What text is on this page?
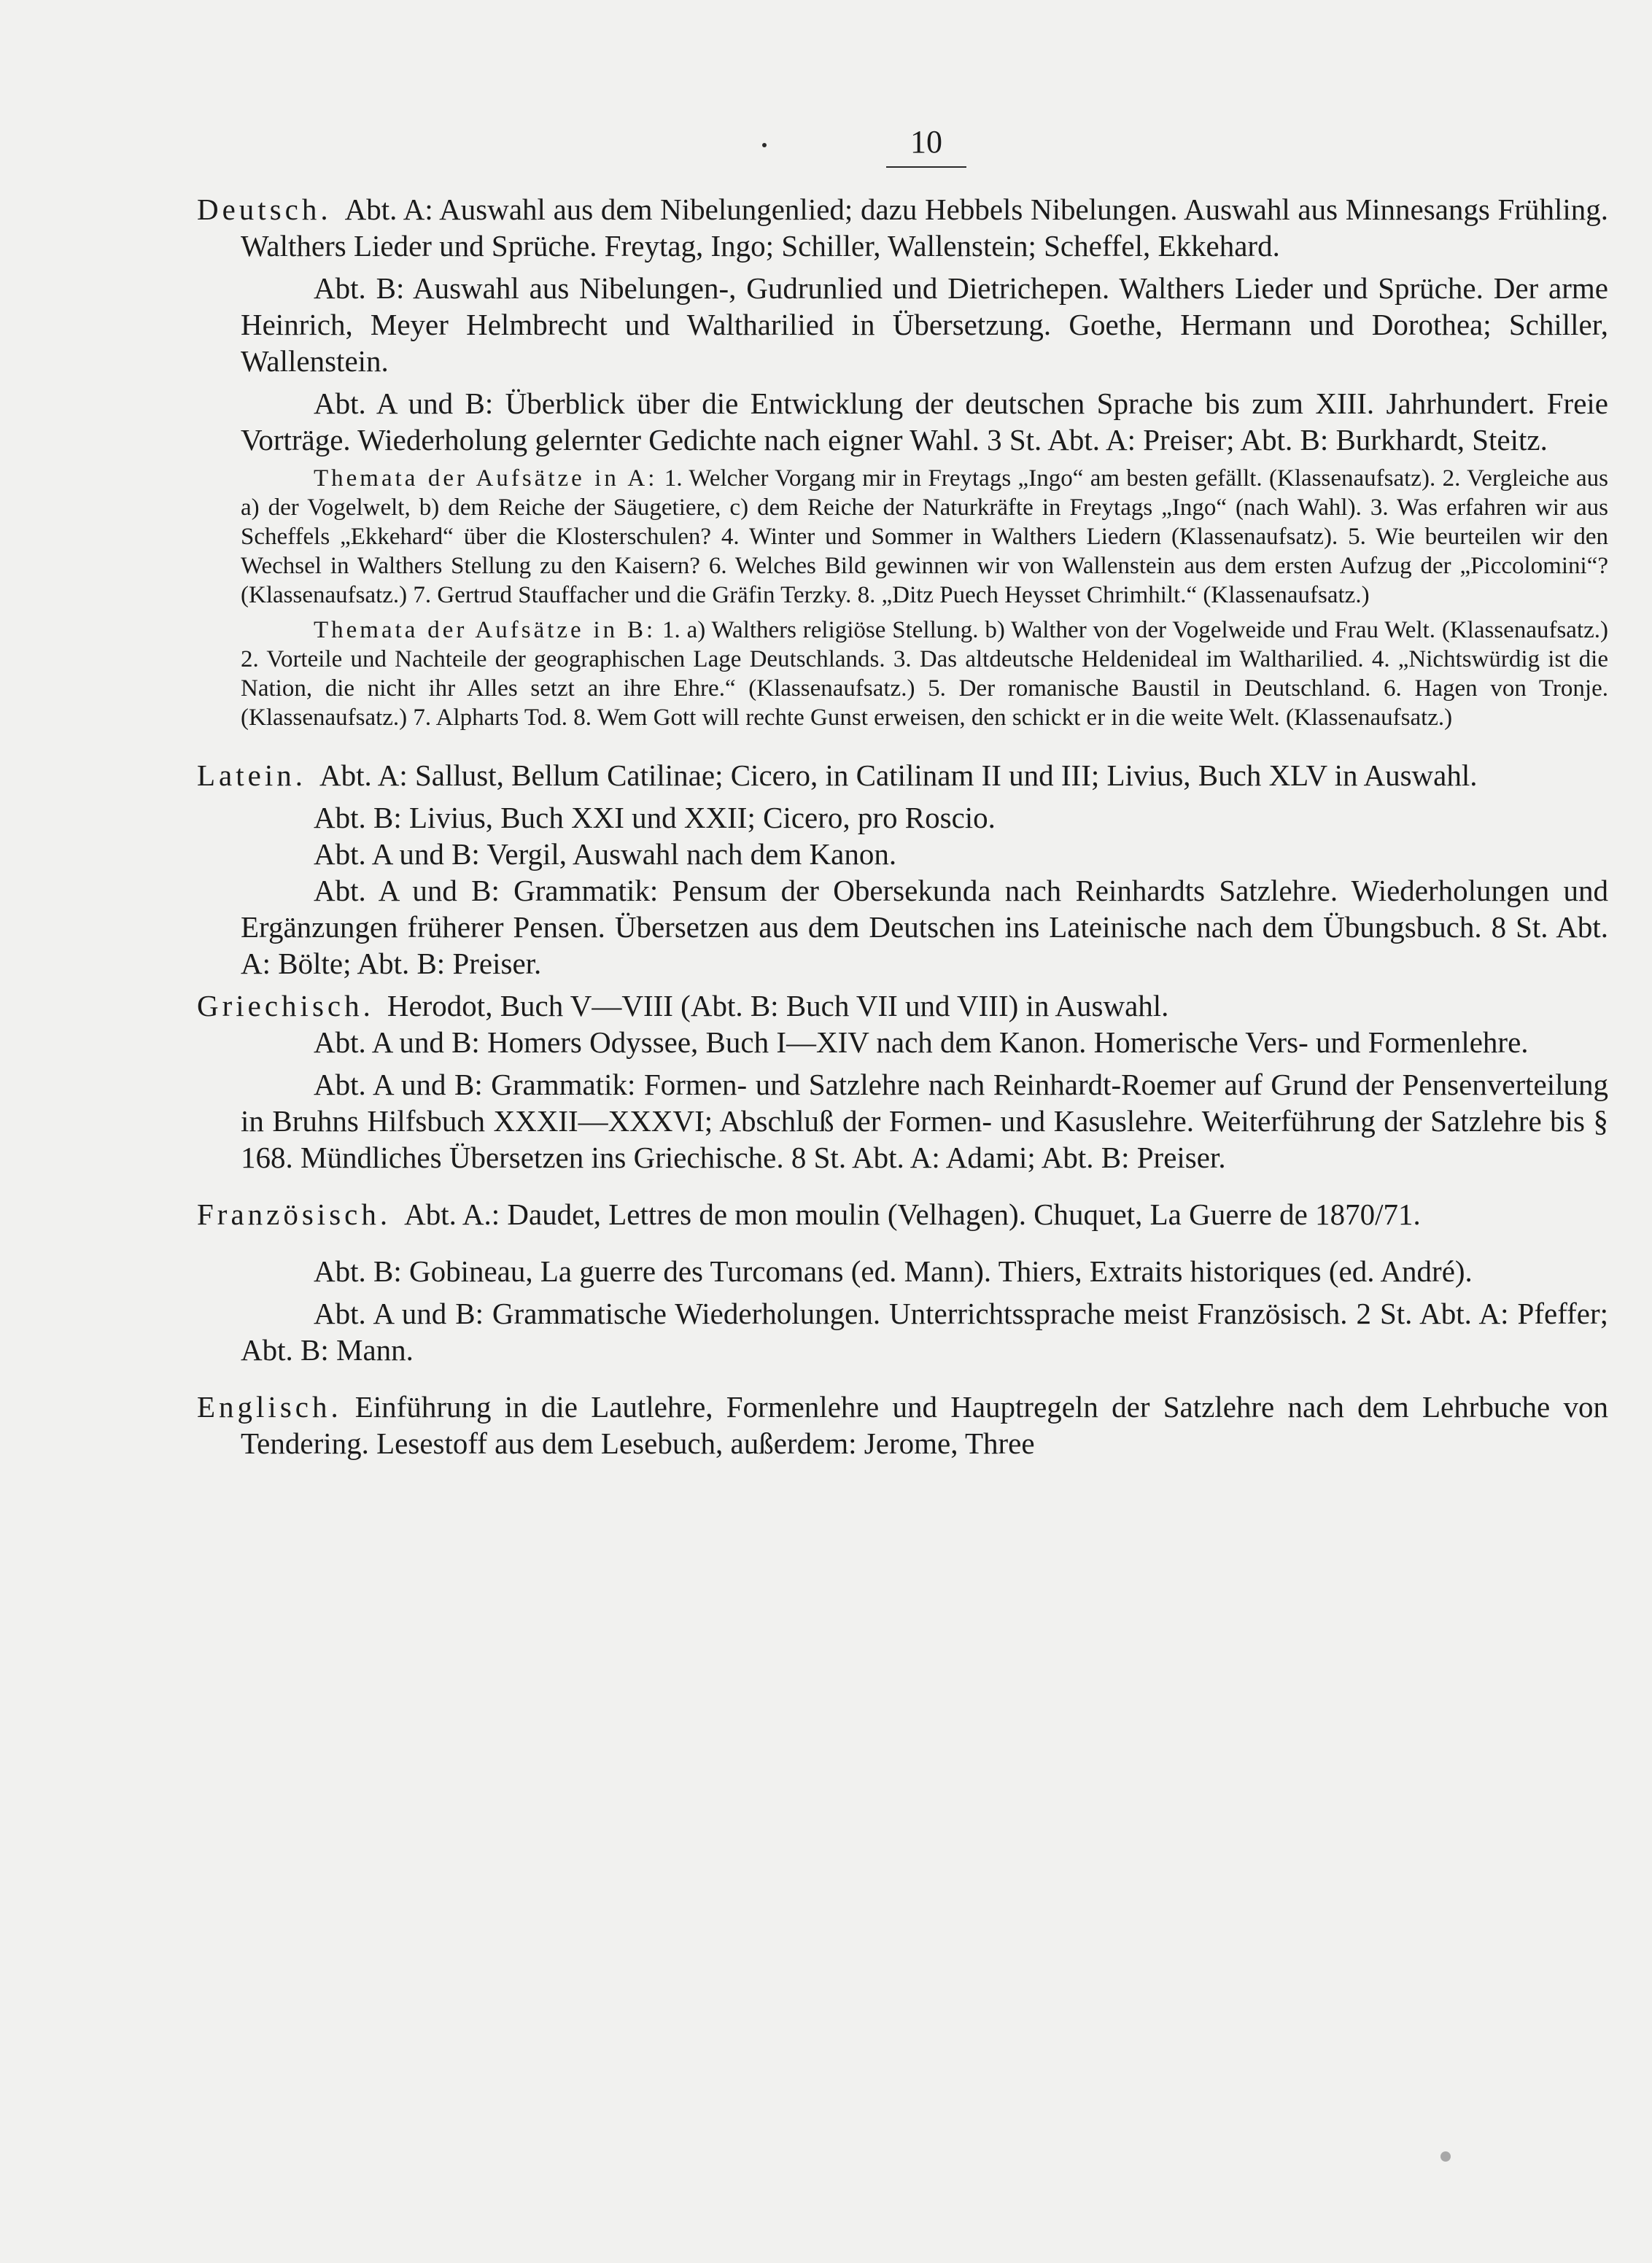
10

Deutsch. Abt. A: Auswahl aus dem Nibelungenlied; dazu Hebbels Nibelungen. Auswahl aus Minnesangs Frühling. Walthers Lieder und Sprüche. Freytag, Ingo; Schiller, Wallenstein; Scheffel, Ekkehard.

Abt. B: Auswahl aus Nibelungen-, Gudrunlied und Dietrichepen. Walthers Lieder und Sprüche. Der arme Heinrich, Meyer Helmbrecht und Waltharilied in Übersetzung. Goethe, Hermann und Dorothea; Schiller, Wallenstein.

Abt. A und B: Überblick über die Entwicklung der deutschen Sprache bis zum XIII. Jahrhundert. Freie Vorträge. Wiederholung gelernter Gedichte nach eigner Wahl. 3 St. Abt. A: Preiser; Abt. B: Burkhardt, Steitz.

Themata der Aufsätze in A: 1. Welcher Vorgang mir in Freytags „Ingo“ am besten gefällt. (Klassenaufsatz). 2. Vergleiche aus a) der Vogelwelt, b) dem Reiche der Säugetiere, c) dem Reiche der Naturkräfte in Freytags „Ingo“ (nach Wahl). 3. Was erfahren wir aus Scheffels „Ekkehard“ über die Klosterschulen? 4. Winter und Sommer in Walthers Liedern (Klassenaufsatz). 5. Wie beurteilen wir den Wechsel in Walthers Stellung zu den Kaisern? 6. Welches Bild gewinnen wir von Wallenstein aus dem ersten Aufzug der „Piccolomini“? (Klassenaufsatz.) 7. Gertrud Stauffacher und die Gräfin Terzky. 8. „Ditz Puech Heysset Chrimhilt.“ (Klassenaufsatz.)

Themata der Aufsätze in B: 1. a) Walthers religiöse Stellung. b) Walther von der Vogelweide und Frau Welt. (Klassenaufsatz.) 2. Vorteile und Nachteile der geographischen Lage Deutschlands. 3. Das altdeutsche Heldenideal im Waltharilied. 4. „Nichtswürdig ist die Nation, die nicht ihr Alles setzt an ihre Ehre.“ (Klassenaufsatz.) 5. Der romanische Baustil in Deutschland. 6. Hagen von Tronje. (Klassenaufsatz.) 7. Alpharts Tod. 8. Wem Gott will rechte Gunst erweisen, den schickt er in die weite Welt. (Klassenaufsatz.)

Latein. Abt. A: Sallust, Bellum Catilinae; Cicero, in Catilinam II und III; Livius, Buch XLV in Auswahl.

Abt. B: Livius, Buch XXI und XXII; Cicero, pro Roscio.

Abt. A und B: Vergil, Auswahl nach dem Kanon.

Abt. A und B: Grammatik: Pensum der Obersekunda nach Reinhardts Satzlehre. Wiederholungen und Ergänzungen früherer Pensen. Übersetzen aus dem Deutschen ins Lateinische nach dem Übungsbuch. 8 St. Abt. A: Bölte; Abt. B: Preiser.

Griechisch. Herodot, Buch V—VIII (Abt. B: Buch VII und VIII) in Auswahl.

Abt. A und B: Homers Odyssee, Buch I—XIV nach dem Kanon. Homerische Vers- und Formenlehre.

Abt. A und B: Grammatik: Formen- und Satzlehre nach Reinhardt-Roemer auf Grund der Pensenverteilung in Bruhns Hilfsbuch XXXII—XXXVI; Abschluß der Formen- und Kasuslehre. Weiterführung der Satzlehre bis § 168. Mündliches Übersetzen ins Griechische. 8 St. Abt. A: Adami; Abt. B: Preiser.

Französisch. Abt. A.: Daudet, Lettres de mon moulin (Velhagen). Chuquet, La Guerre de 1870/71.

Abt. B: Gobineau, La guerre des Turcomans (ed. Mann). Thiers, Extraits historiques (ed. André).

Abt. A und B: Grammatische Wiederholungen. Unterrichtssprache meist Französisch. 2 St. Abt. A: Pfeffer; Abt. B: Mann.

Englisch. Einführung in die Lautlehre, Formenlehre und Hauptregeln der Satzlehre nach dem Lehrbuche von Tendering. Lesestoff aus dem Lesebuch, außerdem: Jerome, Three
